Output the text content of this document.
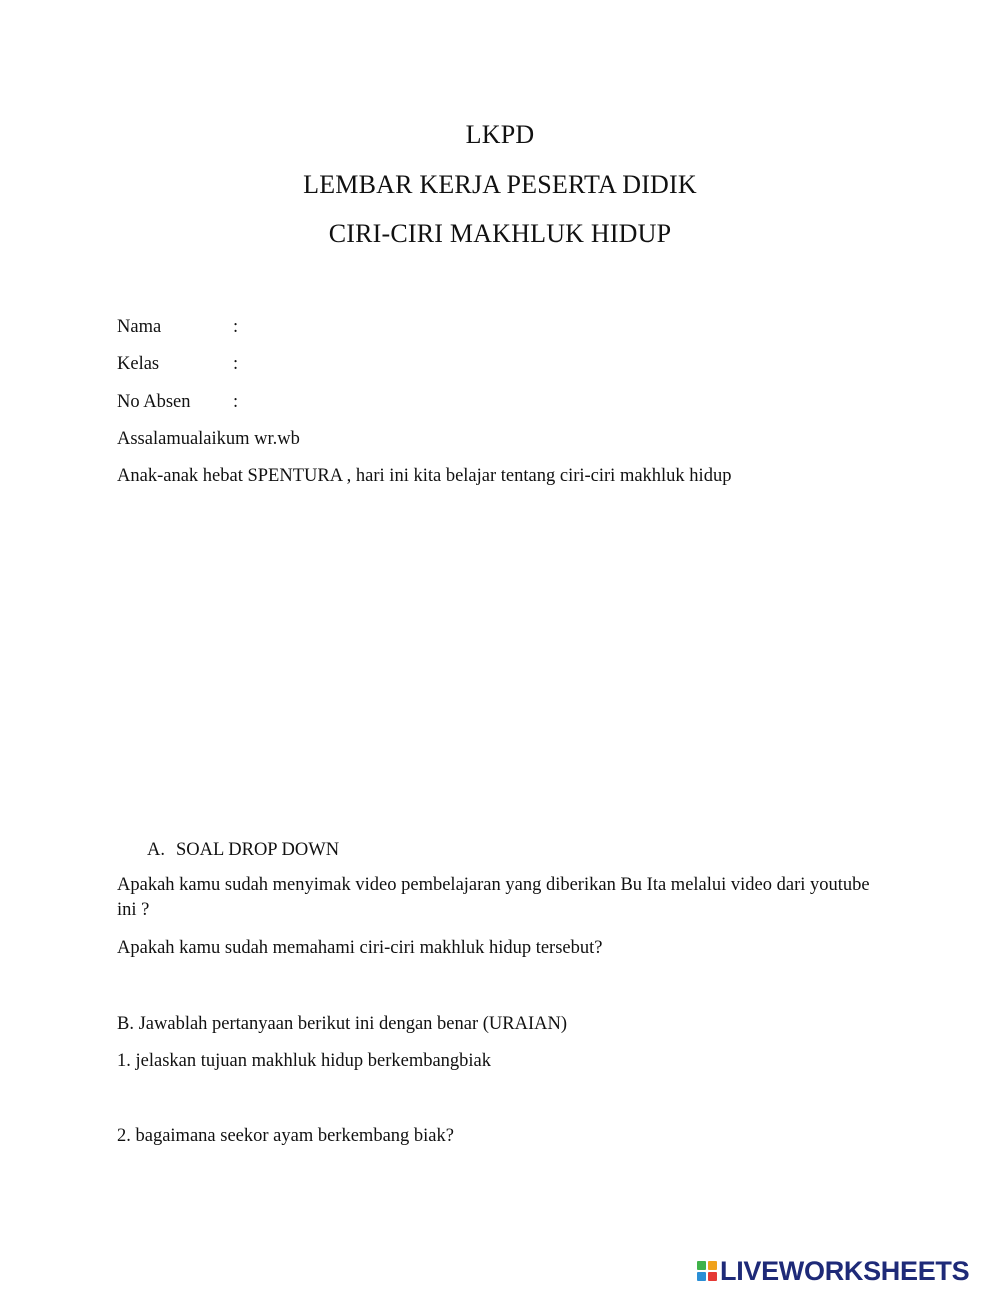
LKPD
LEMBAR KERJA PESERTA DIDIK
CIRI-CIRI MAKHLUK HIDUP
Nama	:
Kelas	:
No Absen :
Assalamualaikum wr.wb
Anak-anak hebat SPENTURA , hari ini kita belajar tentang ciri-ciri makhluk hidup
A. SOAL DROP DOWN
Apakah kamu sudah menyimak video pembelajaran yang diberikan Bu Ita melalui video dari youtube ini ?
Apakah kamu sudah memahami ciri-ciri makhluk hidup tersebut?
B. Jawablah pertanyaan berikut ini dengan benar (URAIAN)
1. jelaskan tujuan makhluk hidup berkembangbiak
2. bagaimana seekor ayam berkembang biak?
LIVEWORKSHEETS
